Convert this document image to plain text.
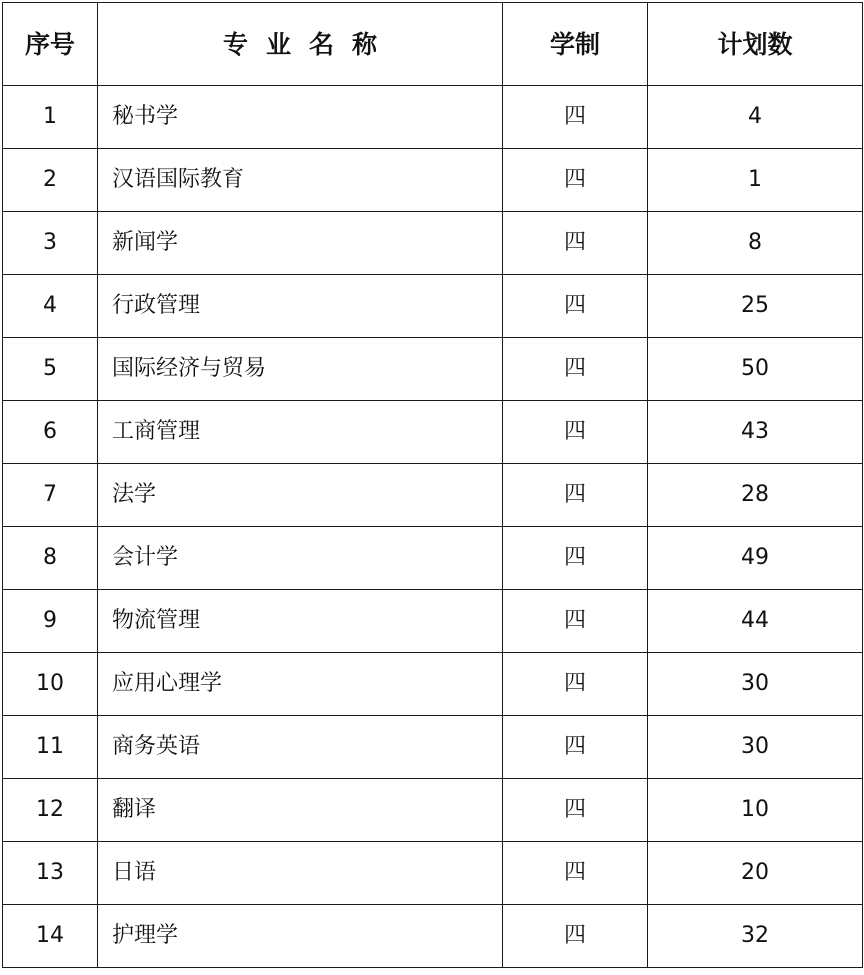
序号	专业名称	学制	计划数
1	秘书学	四	4
2	汉语国际教育	四	1
3	新闻学	四	8
4	行政管理	四	25
5	国际经济与贸易	四	50
6	工商管理	四	43
7	法学	四	28
8	会计学	四	49
9	物流管理	四	44
10	应用心理学	四	30
11	商务英语	四	30
12	翻译	四	10
13	日语	四	20
14	护理学	四	32
